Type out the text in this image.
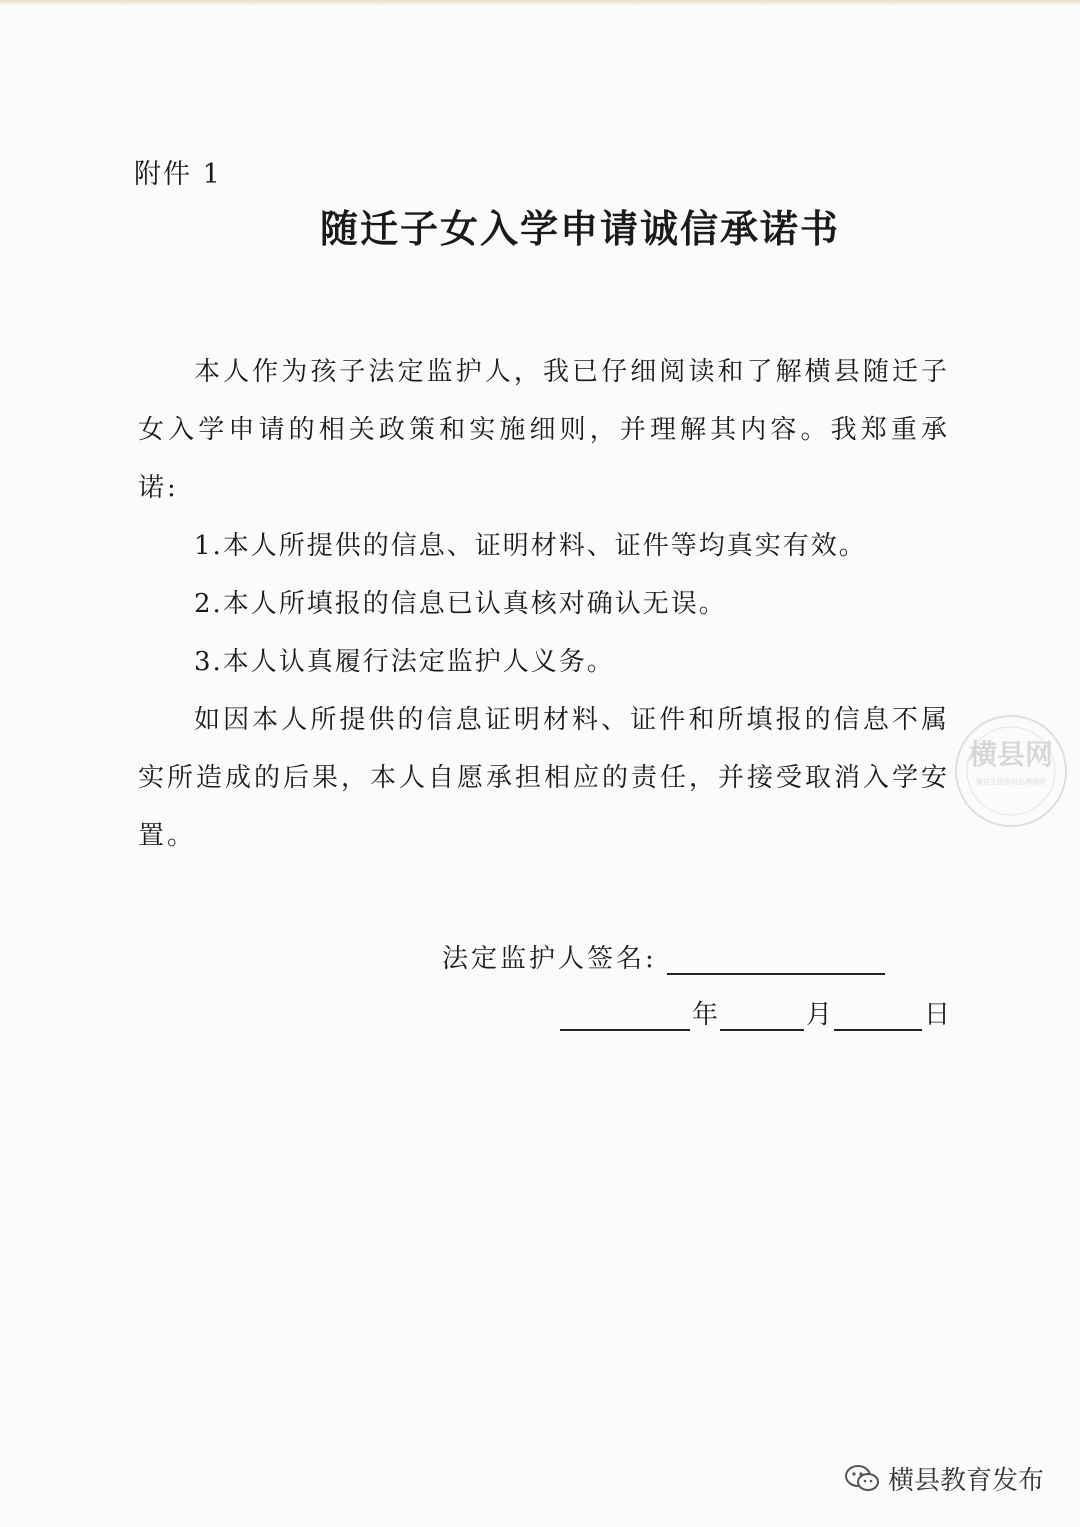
附件 1
随迁子女入学申请诚信承诺书

本人作为孩子法定监护人，我已仔细阅读和了解横县随迁子女入学申请的相关政策和实施细则，并理解其内容。我郑重承诺:

1.本人所提供的信息、证明材料、证件等均真实有效。

2.本人所填报的信息已认真核对确认无误。

3.本人认真履行法定监护人义务。

如因本人所提供的信息证明材料、证件和所填报的信息不属实所造成的后果，本人自愿承担相应的责任，并接受取消入学安置。

法定监护人签名:
年	月	日
横县网
横县生活资讯品牌网站
横县教育发布
